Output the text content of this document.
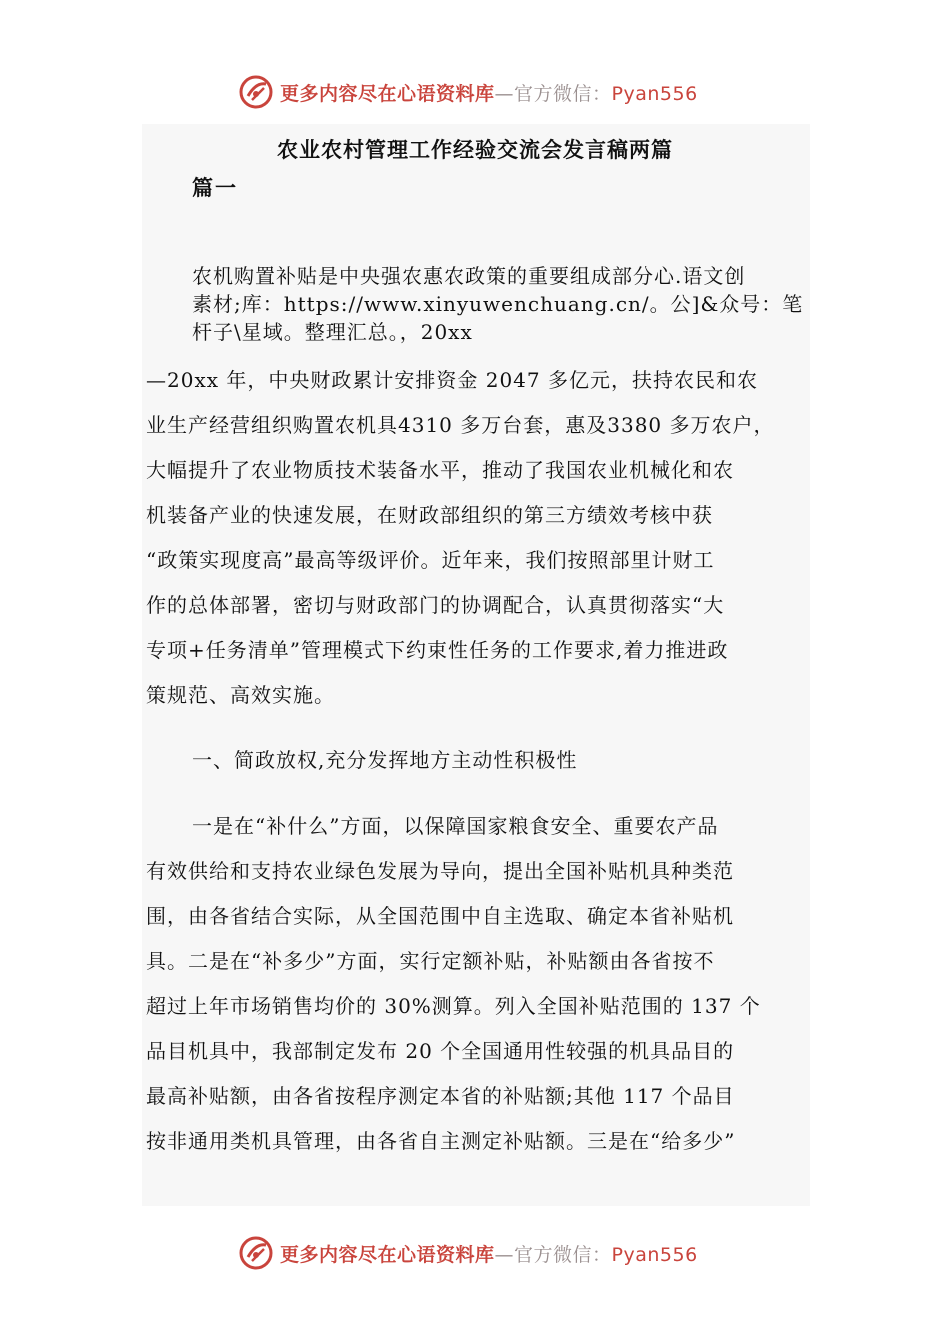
更多内容尽在心语资料库—官方微信：Pyan556
农业农村管理工作经验交流会发言稿两篇
篇一
农机购置补贴是中央强农惠农政策的重要组成部分心.语文创
素材;库：https://www.xinyuwenchuang.cn/。公]&众号：笔
杆子\星域。整理汇总。，20xx
—20xx 年，中央财政累计安排资金 2047 多亿元，扶持农民和农
业生产经营组织购置农机具4310 多万台套，惠及3380 多万农户，
大幅提升了农业物质技术装备水平，推动了我国农业机械化和农
机装备产业的快速发展，在财政部组织的第三方绩效考核中获
“政策实现度高”最高等级评价。近年来，我们按照部里计财工
作的总体部署，密切与财政部门的协调配合，认真贯彻落实“大
专项+任务清单”管理模式下约束性任务的工作要求,着力推进政
策规范、高效实施。
一、简政放权,充分发挥地方主动性积极性
一是在“补什么”方面，以保障国家粮食安全、重要农产品
有效供给和支持农业绿色发展为导向，提出全国补贴机具种类范
围，由各省结合实际，从全国范围中自主选取、确定本省补贴机
具。二是在“补多少”方面，实行定额补贴，补贴额由各省按不
超过上年市场销售均价的 30%测算。列入全国补贴范围的 137 个
品目机具中，我部制定发布 20 个全国通用性较强的机具品目的
最高补贴额，由各省按程序测定本省的补贴额;其他 117 个品目
按非通用类机具管理，由各省自主测定补贴额。三是在“给多少”
更多内容尽在心语资料库—官方微信：Pyan556
